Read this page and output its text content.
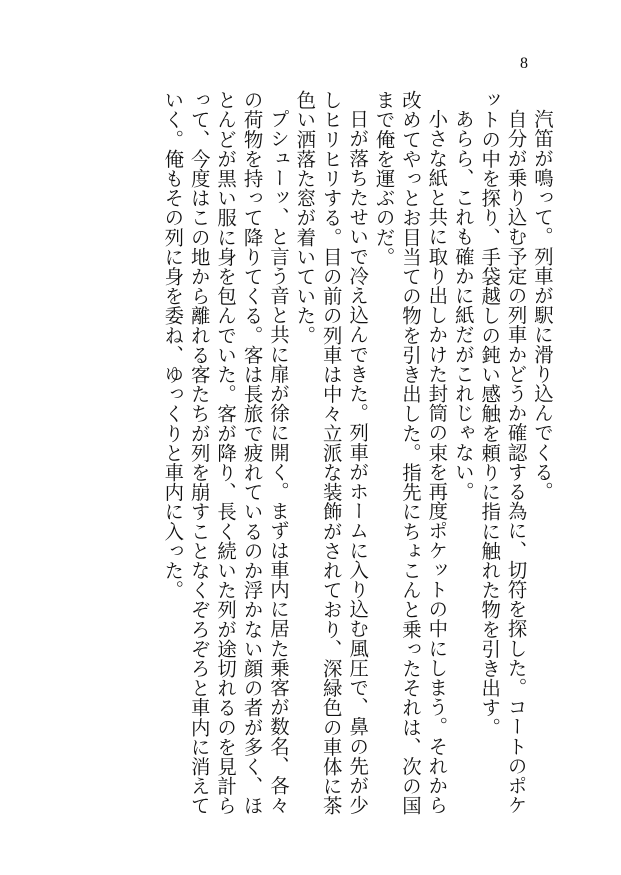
8

汽笛が鳴って。列車が駅に滑り込んでくる。

自分が乗り込む予定の列車かどうか確認する為に、切符を探した。コートのポケットの中を探り、手袋越しの鈍い感触を頼りに指に触れた物を引き出す。

あらら、これも確かに紙だがこれじゃない。

小さな紙と共に取り出しかけた封筒の束を再度ポケットの中にしまう。それから改めてやっとお目当ての物を引き出した。指先にちょこんと乗ったそれは、次の国まで俺を運ぶのだ。

日が落ちたせいで冷え込んできた。列車がホームに入り込む風圧で、鼻の先が少しヒリヒリする。目の前の列車は中々立派な装飾がされており、深緑色の車体に茶色い洒落た窓が着いていた。

プシューッ、と言う音と共に扉が徐に開く。まずは車内に居た乗客が数名、各々の荷物を持って降りてくる。客は長旅で疲れているのか浮かない顔の者が多く、ほとんどが黒い服に身を包んでいた。客が降り、長く続いた列が途切れるのを見計らって、今度はこの地から離れる客たちが列を崩すことなくぞろぞろと車内に消えていく。俺もその列に身を委ね、ゆっくりと車内に入った。
